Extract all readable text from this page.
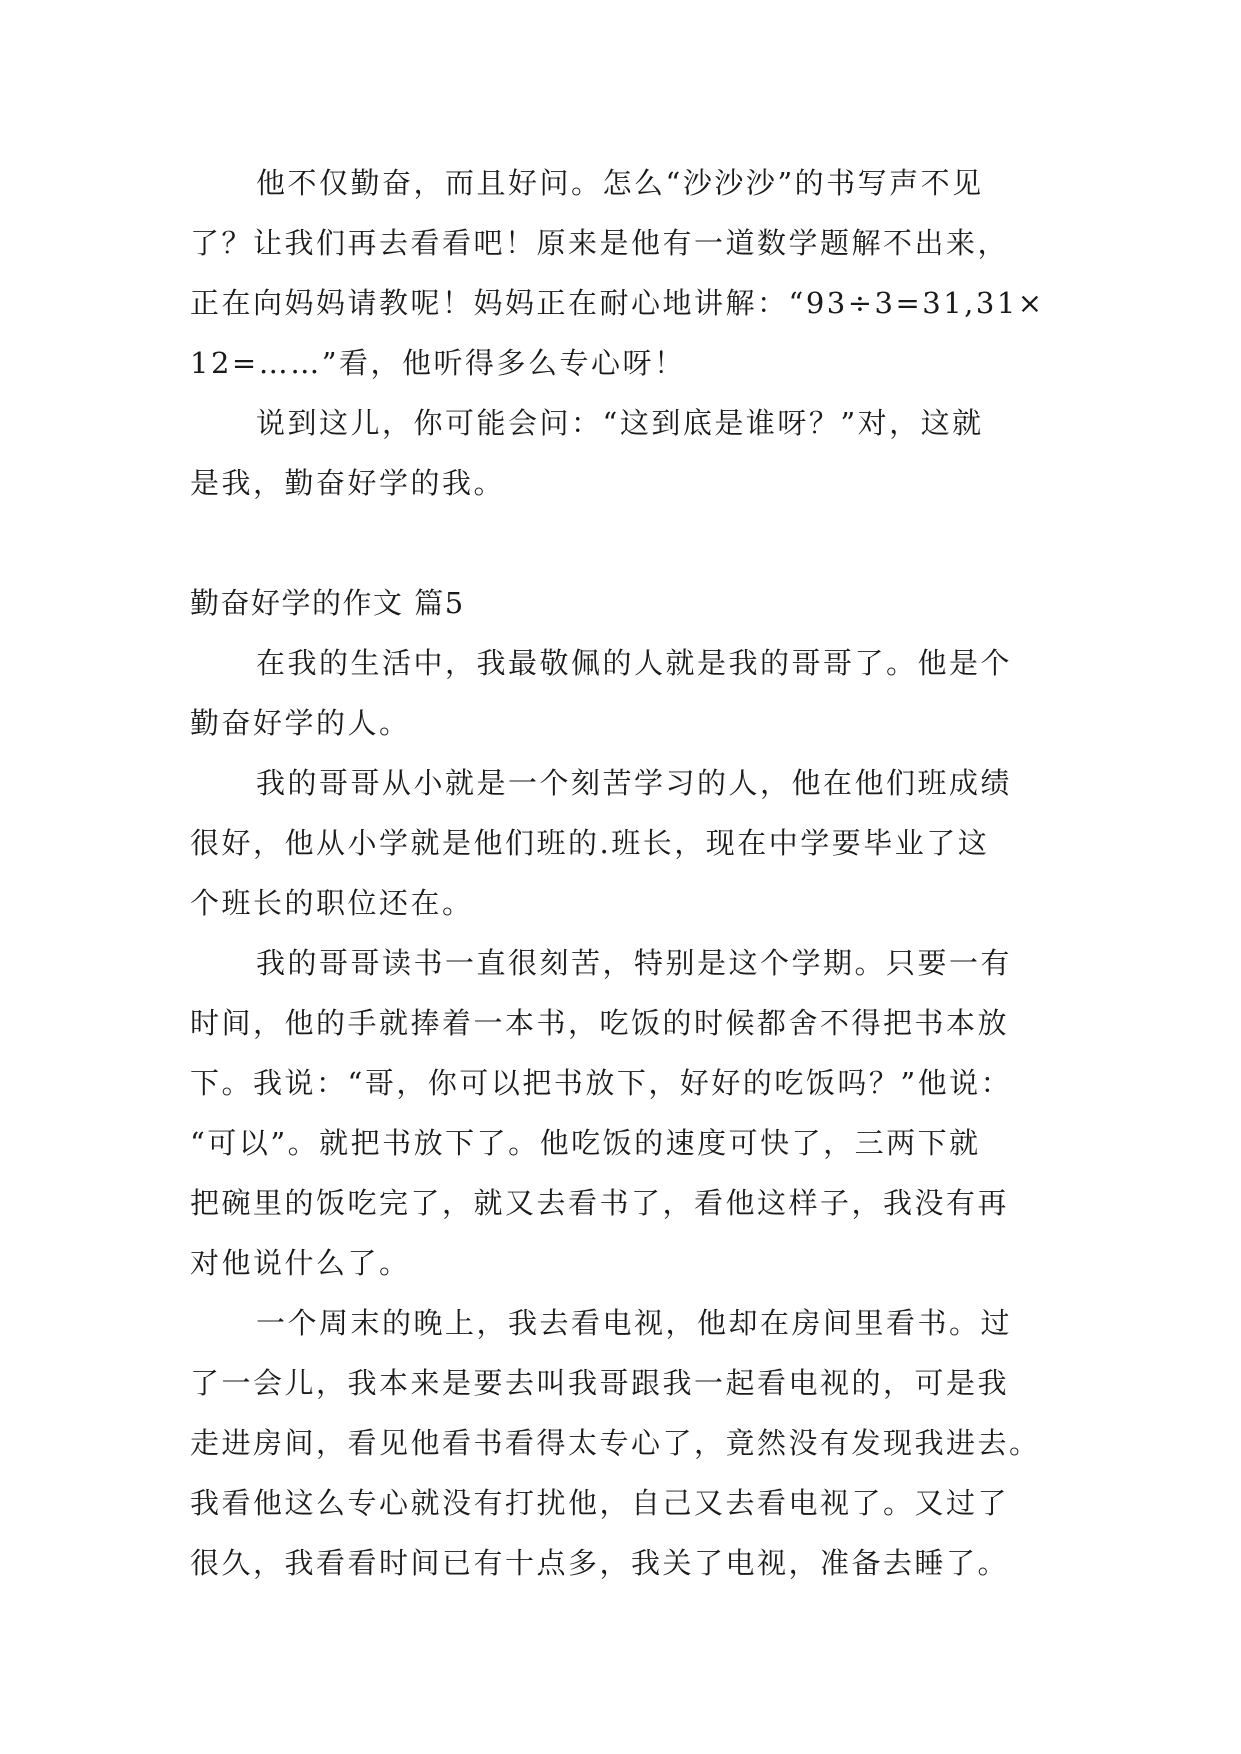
他不仅勤奋，而且好问。怎么“沙沙沙”的书写声不见
了？让我们再去看看吧！原来是他有一道数学题解不出来，
正在向妈妈请教呢！妈妈正在耐心地讲解：“93÷3=31,31×
12=……”看，他听得多么专心呀！
说到这儿，你可能会问：“这到底是谁呀？”对，这就
是我，勤奋好学的我。
勤奋好学的作文 篇5
在我的生活中，我最敬佩的人就是我的哥哥了。他是个
勤奋好学的人。
我的哥哥从小就是一个刻苦学习的人，他在他们班成绩
很好，他从小学就是他们班的.班长，现在中学要毕业了这
个班长的职位还在。
我的哥哥读书一直很刻苦，特别是这个学期。只要一有
时间，他的手就捧着一本书，吃饭的时候都舍不得把书本放
下。我说：“哥，你可以把书放下，好好的吃饭吗？”他说：
“可以”。就把书放下了。他吃饭的速度可快了，三两下就
把碗里的饭吃完了，就又去看书了，看他这样子，我没有再
对他说什么了。
一个周末的晚上，我去看电视，他却在房间里看书。过
了一会儿，我本来是要去叫我哥跟我一起看电视的，可是我
走进房间，看见他看书看得太专心了，竟然没有发现我进去。
我看他这么专心就没有打扰他，自己又去看电视了。又过了
很久，我看看时间已有十点多，我关了电视，准备去睡了。
